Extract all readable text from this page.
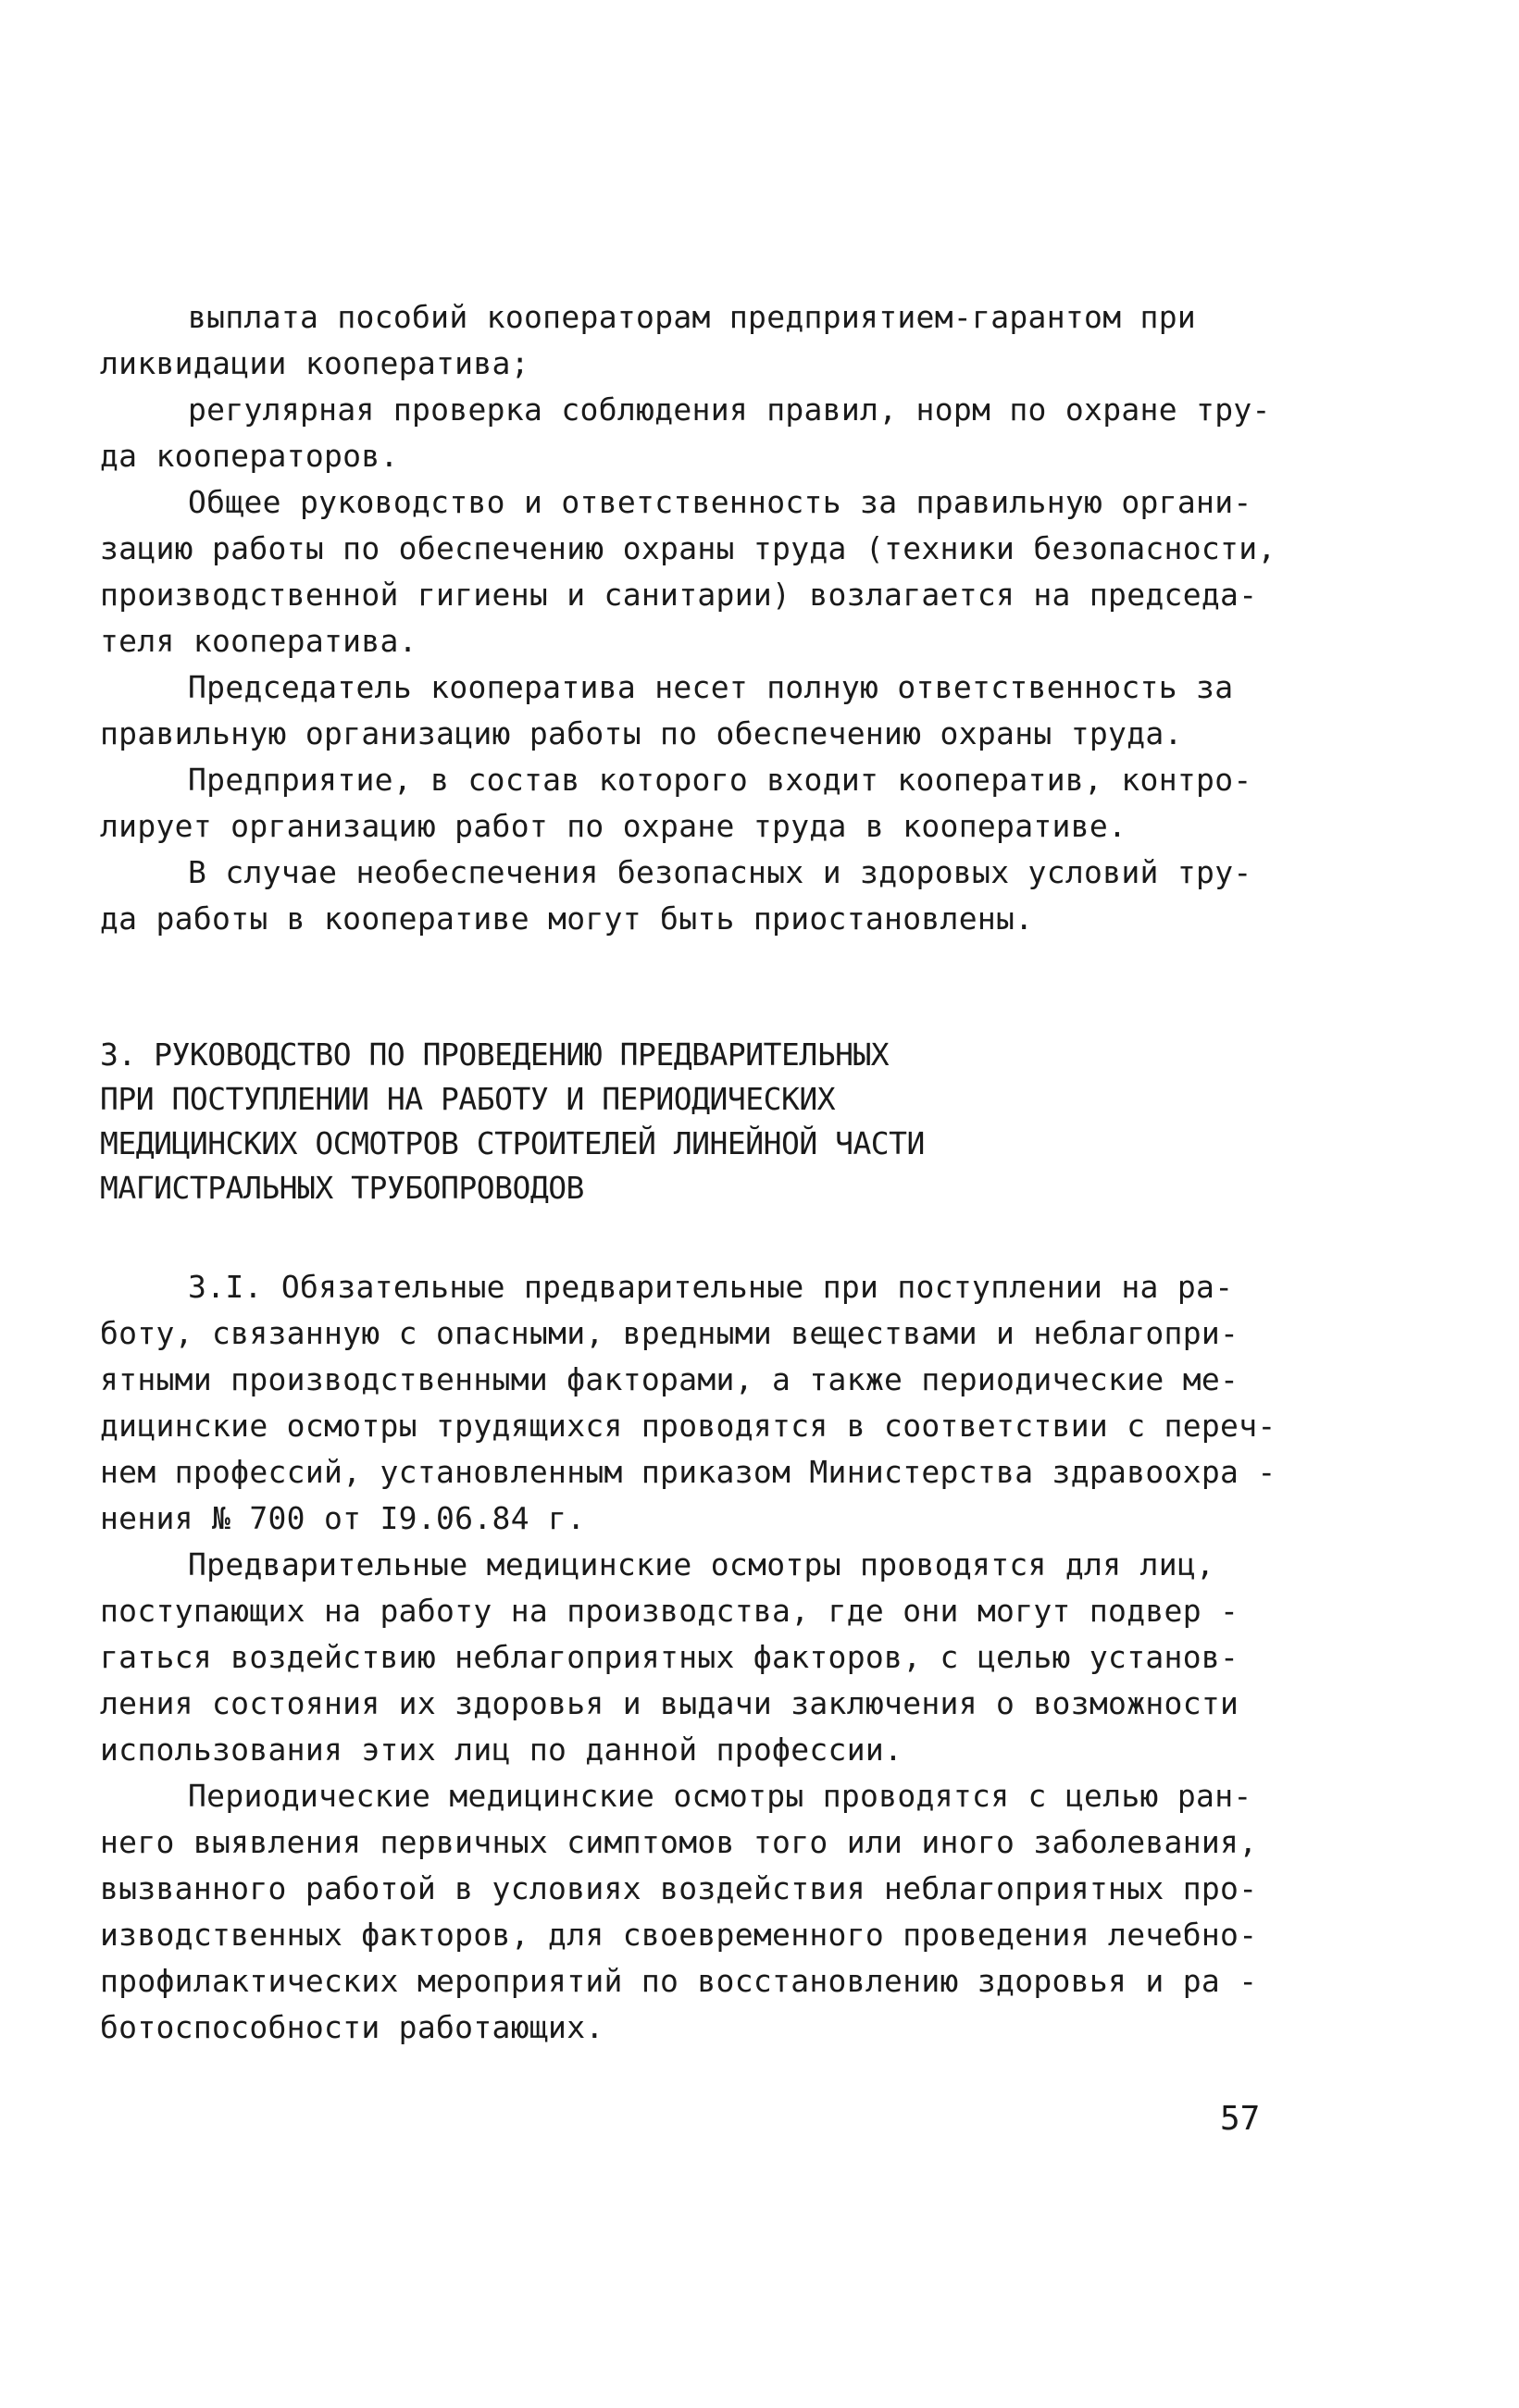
выплата пособий кооператорам предприятием-гарантом при
ликвидации кооператива;
регулярная проверка соблюдения правил, норм по охране тру-
да кооператоров.
Общее руководство и ответственность за правильную органи-
зацию работы по обеспечению охраны труда (техники безопасности,
производственной гигиены и санитарии) возлагается на председа-
теля кооператива.
Председатель кооператива несет полную ответственность за
правильную организацию работы по обеспечению охраны труда.
Предприятие, в состав которого входит кооператив, контро-
лирует организацию работ по охране труда в кооперативе.
В случае необеспечения безопасных и здоровых условий тру-
да работы в кооперативе могут быть приостановлены.
3. РУКОВОДСТВО ПО ПРОВЕДЕНИЮ ПРЕДВАРИТЕЛЬНЫХ
ПРИ ПОСТУПЛЕНИИ НА РАБОТУ И ПЕРИОДИЧЕСКИХ
МЕДИЦИНСКИХ ОСМОТРОВ СТРОИТЕЛЕЙ ЛИНЕЙНОЙ ЧАСТИ
МАГИСТРАЛЬНЫХ ТРУБОПРОВОДОВ
3.I. Обязательные предварительные при поступлении на ра-
боту, связанную с опасными, вредными веществами и неблагопри-
ятными производственными факторами, а также периодические ме-
дицинские осмотры трудящихся проводятся в соответствии с переч-
нем профессий, установленным приказом Министерства здравоохра -
нения № 700 от I9.06.84 г.
Предварительные медицинские осмотры проводятся для лиц,
поступающих на работу на производства, где они могут подвер -
гаться воздействию неблагоприятных факторов, с целью установ-
ления состояния их здоровья и выдачи заключения о возможности
использования этих лиц по данной профессии.
Периодические медицинские осмотры проводятся с целью ран-
него выявления первичных симптомов того или иного заболевания,
вызванного работой в условиях воздействия неблагоприятных про-
изводственных факторов, для своевременного проведения лечебно-
профилактических мероприятий по восстановлению здоровья и ра -
ботоспособности работающих.
57
